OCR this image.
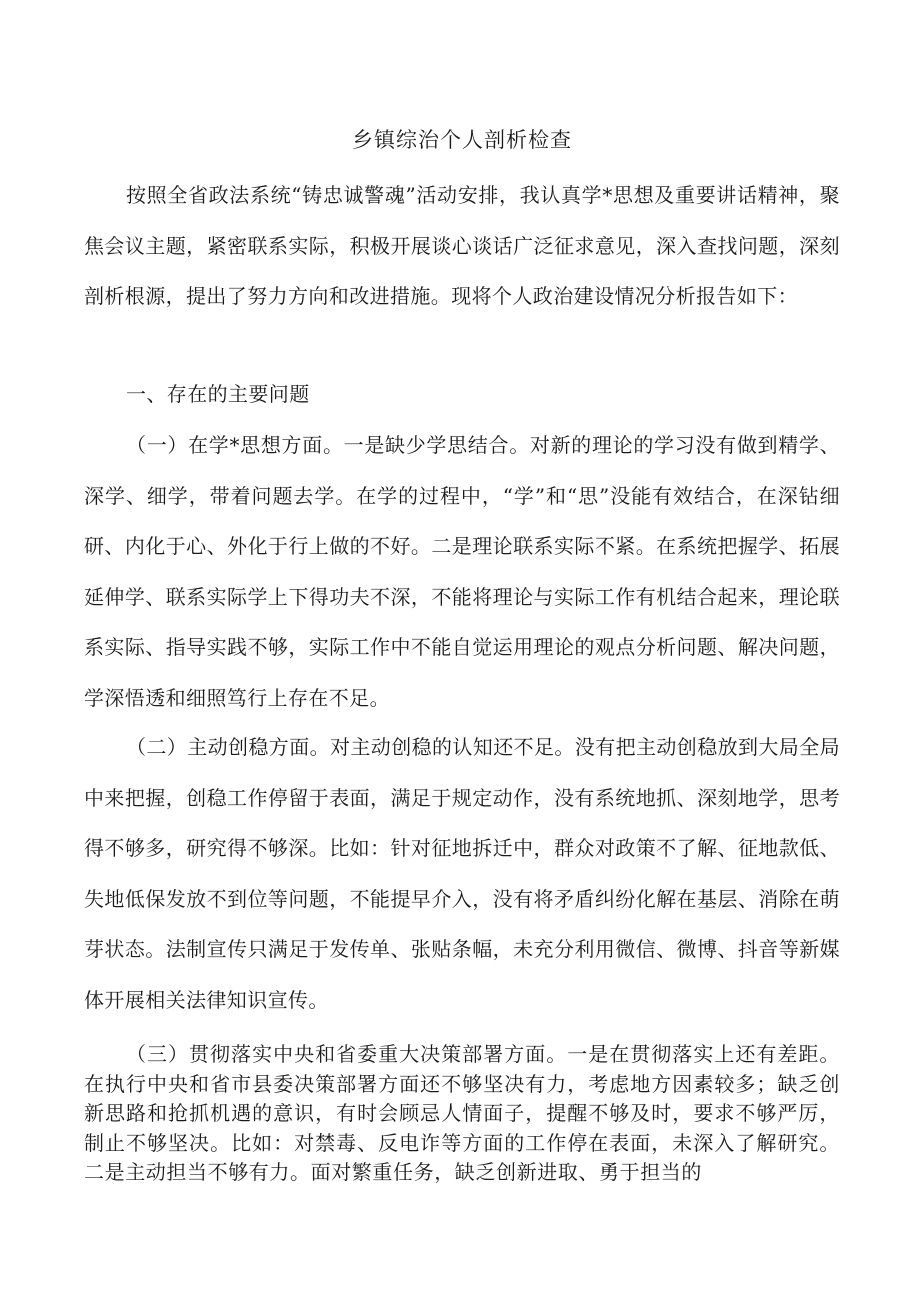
乡镇综治个人剖析检查

按照全省政法系统“铸忠诚警魂”活动安排，我认真学*思想及重要讲话精神，聚焦会议主题，紧密联系实际，积极开展谈心谈话广泛征求意见，深入查找问题，深刻剖析根源，提出了努力方向和改进措施。现将个人政治建设情况分析报告如下：

一、存在的主要问题

（一）在学*思想方面。一是缺少学思结合。对新的理论的学习没有做到精学、深学、细学，带着问题去学。在学的过程中，“学”和“思”没能有效结合，在深钻细研、内化于心、外化于行上做的不好。二是理论联系实际不紧。在系统把握学、拓展延伸学、联系实际学上下得功夫不深，不能将理论与实际工作有机结合起来，理论联系实际、指导实践不够，实际工作中不能自觉运用理论的观点分析问题、解决问题，学深悟透和细照笃行上存在不足。

（二）主动创稳方面。对主动创稳的认知还不足。没有把主动创稳放到大局全局中来把握，创稳工作停留于表面，满足于规定动作，没有系统地抓、深刻地学，思考得不够多，研究得不够深。比如：针对征地拆迁中，群众对政策不了解、征地款低、失地低保发放不到位等问题，不能提早介入，没有将矛盾纠纷化解在基层、消除在萌芽状态。法制宣传只满足于发传单、张贴条幅，未充分利用微信、微博、抖音等新媒体开展相关法律知识宣传。

（三）贯彻落实中央和省委重大决策部署方面。一是在贯彻落实上还有差距。在执行中央和省市县委决策部署方面还不够坚决有力，考虑地方因素较多；缺乏创新思路和抢抓机遇的意识，有时会顾忌人情面子，提醒不够及时，要求不够严厉，制止不够坚决。比如：对禁毒、反电诈等方面的工作停在表面，未深入了解研究。二是主动担当不够有力。面对繁重任务，缺乏创新进取、勇于担当的
